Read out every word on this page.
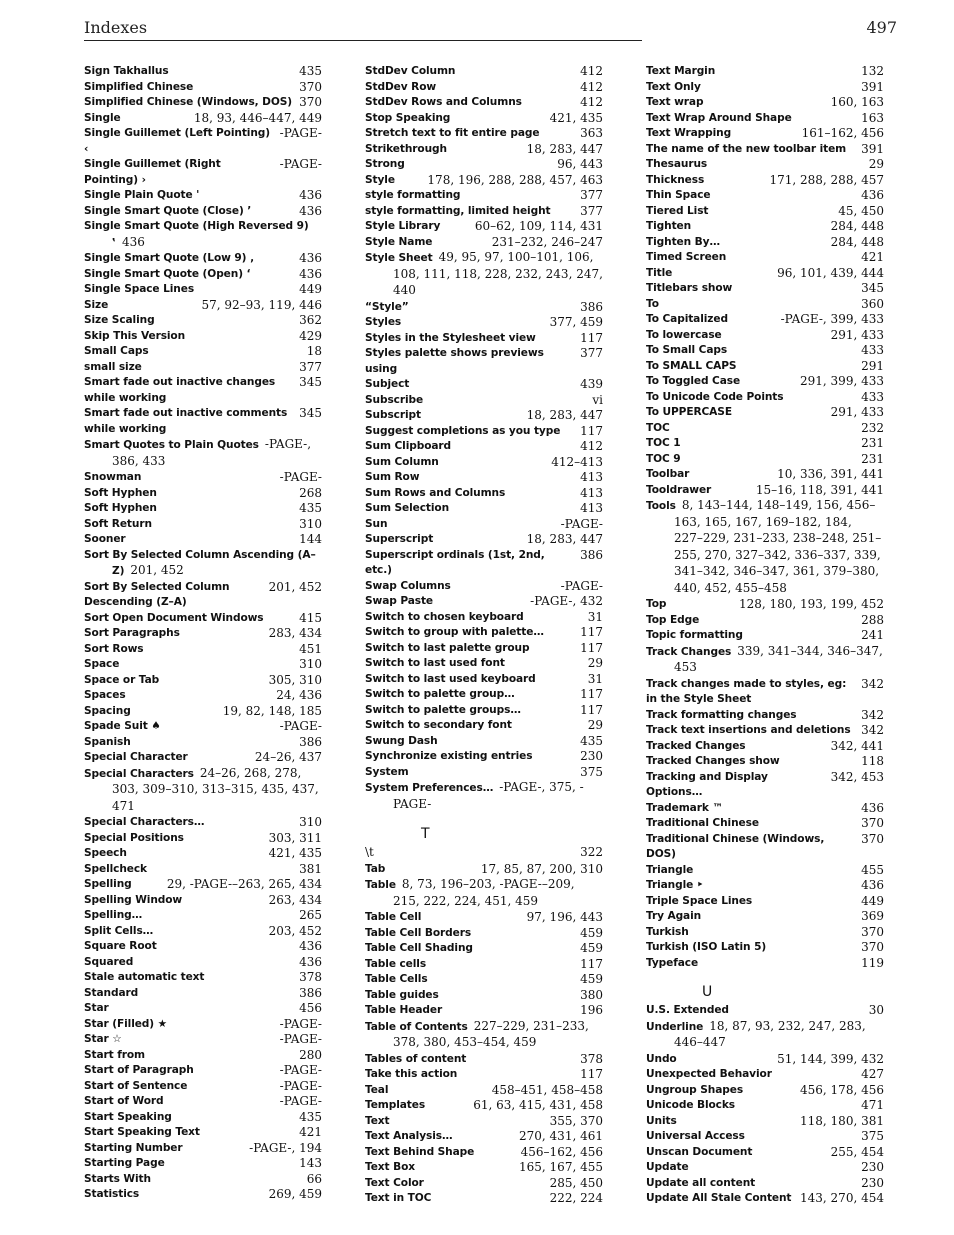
Indexes	497
435
Sign Takhallus
370
Simplified Chinese
370
Simplified Chinese (Windows, DOS)
18, 93, 446–447, 449
Single
-PAGE-
Single Guillemet (Left Pointing) ‹
-PAGE-
Single Guillemet (Right Pointing) ›
436
Single Plain Quote '
436
Single Smart Quote (Close) ’
Single Smart Quote (High Reversed 9) ‛ 436
436
Single Smart Quote (Low 9) ‚
436
Single Smart Quote (Open) ‘
449
Single Space Lines
57, 92–93, 119, 446
Size
362
Size Scaling
429
Skip This Version
18
Small Caps
377
small size
345
Smart fade out inactive changes while working
345
Smart fade out inactive comments while working
Smart Quotes to Plain Quotes -PAGE-, 386, 433
-PAGE-
Snowman
268
Soft Hyphen
435
Soft Hyphen
310
Soft Return
144
Sooner
Sort By Selected Column Ascending (A–Z) 201, 452
201, 452
Sort By Selected Column Descending (Z–A)
415
Sort Open Document Windows
283, 434
Sort Paragraphs
451
Sort Rows
310
Space
305, 310
Space or Tab
24, 436
Spaces
19, 82, 148, 185
Spacing
-PAGE-
Spade Suit ♠
386
Spanish
24–26, 437
Special Character
Special Characters 24–26, 268, 278, 303, 309–310, 313–315, 435, 437, 471
310
Special Characters…
303, 311
Special Positions
421, 435
Speech
381
Spellcheck
29, -PAGE-–263, 265, 434
Spelling
263, 434
Spelling Window
265
Spelling…
203, 452
Split Cells…
436
Square Root
436
Squared
378
Stale automatic text
386
Standard
456
Star
-PAGE-
Star (Filled) ★
-PAGE-
Star ☆
280
Start from
-PAGE-
Start of Paragraph
-PAGE-
Start of Sentence
-PAGE-
Start of Word
435
Start Speaking
421
Start Speaking Text
-PAGE-, 194
Starting Number
143
Starting Page
66
Starts With
269, 459
Statistics
412
StdDev Column
412
StdDev Row
412
StdDev Rows and Columns
421, 435
Stop Speaking
363
Stretch text to fit entire page
18, 283, 447
Strikethrough
96, 443
Strong
178, 196, 288, 288, 457, 463
Style
377
style formatting
377
style formatting, limited height
60–62, 109, 114, 431
Style Library
231–232, 246–247
Style Name
Style Sheet 49, 95, 97, 100–101, 106, 108, 111, 118, 228, 232, 243, 247, 440
386
“Style”
377, 459
Styles
117
Styles in the Stylesheet view
377
Styles palette shows previews using
439
Subject
vi
Subscribe
18, 283, 447
Subscript
117
Suggest completions as you type
412
Sum Clipboard
412–413
Sum Column
413
Sum Row
413
Sum Rows and Columns
413
Sum Selection
-PAGE-
Sun
18, 283, 447
Superscript
386
Superscript ordinals (1st, 2nd, etc.)
-PAGE-
Swap Columns
-PAGE-, 432
Swap Paste
31
Switch to chosen keyboard
117
Switch to group with palette…
117
Switch to last palette group
29
Switch to last used font
31
Switch to last used keyboard
117
Switch to palette group…
117
Switch to palette groups…
29
Switch to secondary font
435
Swung Dash
230
Synchronize existing entries
375
System
System Preferences… -PAGE-, 375, -PAGE-
T
322
\t
17, 85, 87, 200, 310
Tab
Table 8, 73, 196–203, -PAGE-–209, 215, 222, 224, 451, 459
97, 196, 443
Table Cell
459
Table Cell Borders
459
Table Cell Shading
117
Table cells
459
Table Cells
380
Table guides
196
Table Header
Table of Contents 227–229, 231–233, 378, 380, 453–454, 459
378
Tables of content
117
Take this action
458–451, 458–458
Teal
61, 63, 415, 431, 458
Templates
355, 370
Text
270, 431, 461
Text Analysis…
456–162, 456
Text Behind Shape
165, 167, 455
Text Box
285, 450
Text Color
222, 224
Text in TOC
132
Text Margin
391
Text Only
160, 163
Text wrap
163
Text Wrap Around Shape
161–162, 456
Text Wrapping
391
The name of the new toolbar item
29
Thesaurus
171, 288, 288, 457
Thickness
436
Thin Space
45, 450
Tiered List
284, 448
Tighten
284, 448
Tighten By…
421
Timed Screen
96, 101, 439, 444
Title
345
Titlebars show
360
To
-PAGE-, 399, 433
To Capitalized
291, 433
To lowercase
433
To Small Caps
291
To SMALL CAPS
291, 399, 433
To Toggled Case
433
To Unicode Code Points
291, 433
To UPPERCASE
232
TOC
231
TOC 1
231
TOC 9
10, 336, 391, 441
Toolbar
15–16, 118, 391, 441
Tooldrawer
Tools 8, 143–144, 148–149, 156, 456–163, 165, 167, 169–182, 184, 227–229, 231–233, 238–248, 251–255, 270, 327–342, 336–337, 339, 341–342, 346–347, 361, 379–380, 440, 452, 455–458
128, 180, 193, 199, 452
Top
288
Top Edge
241
Topic formatting
Track Changes 339, 341–344, 346–347, 453
342
Track changes made to styles, eg: in the Style Sheet
342
Track formatting changes
342
Track text insertions and deletions
342, 441
Tracked Changes
118
Tracked Changes show
342, 453
Tracking and Display Options…
436
Trademark ™
370
Traditional Chinese
370
Traditional Chinese (Windows, DOS)
455
Triangle
436
Triangle ‣
449
Triple Space Lines
369
Try Again
370
Turkish
370
Turkish (ISO Latin 5)
119
Typeface
U
30
U.S. Extended
Underline 18, 87, 93, 232, 247, 283, 446–447
51, 144, 399, 432
Undo
427
Unexpected Behavior
456, 178, 456
Ungroup Shapes
471
Unicode Blocks
118, 180, 381
Units
375
Universal Access
255, 454
Unscan Document
230
Update
230
Update all content
143, 270, 454
Update All Stale Content
